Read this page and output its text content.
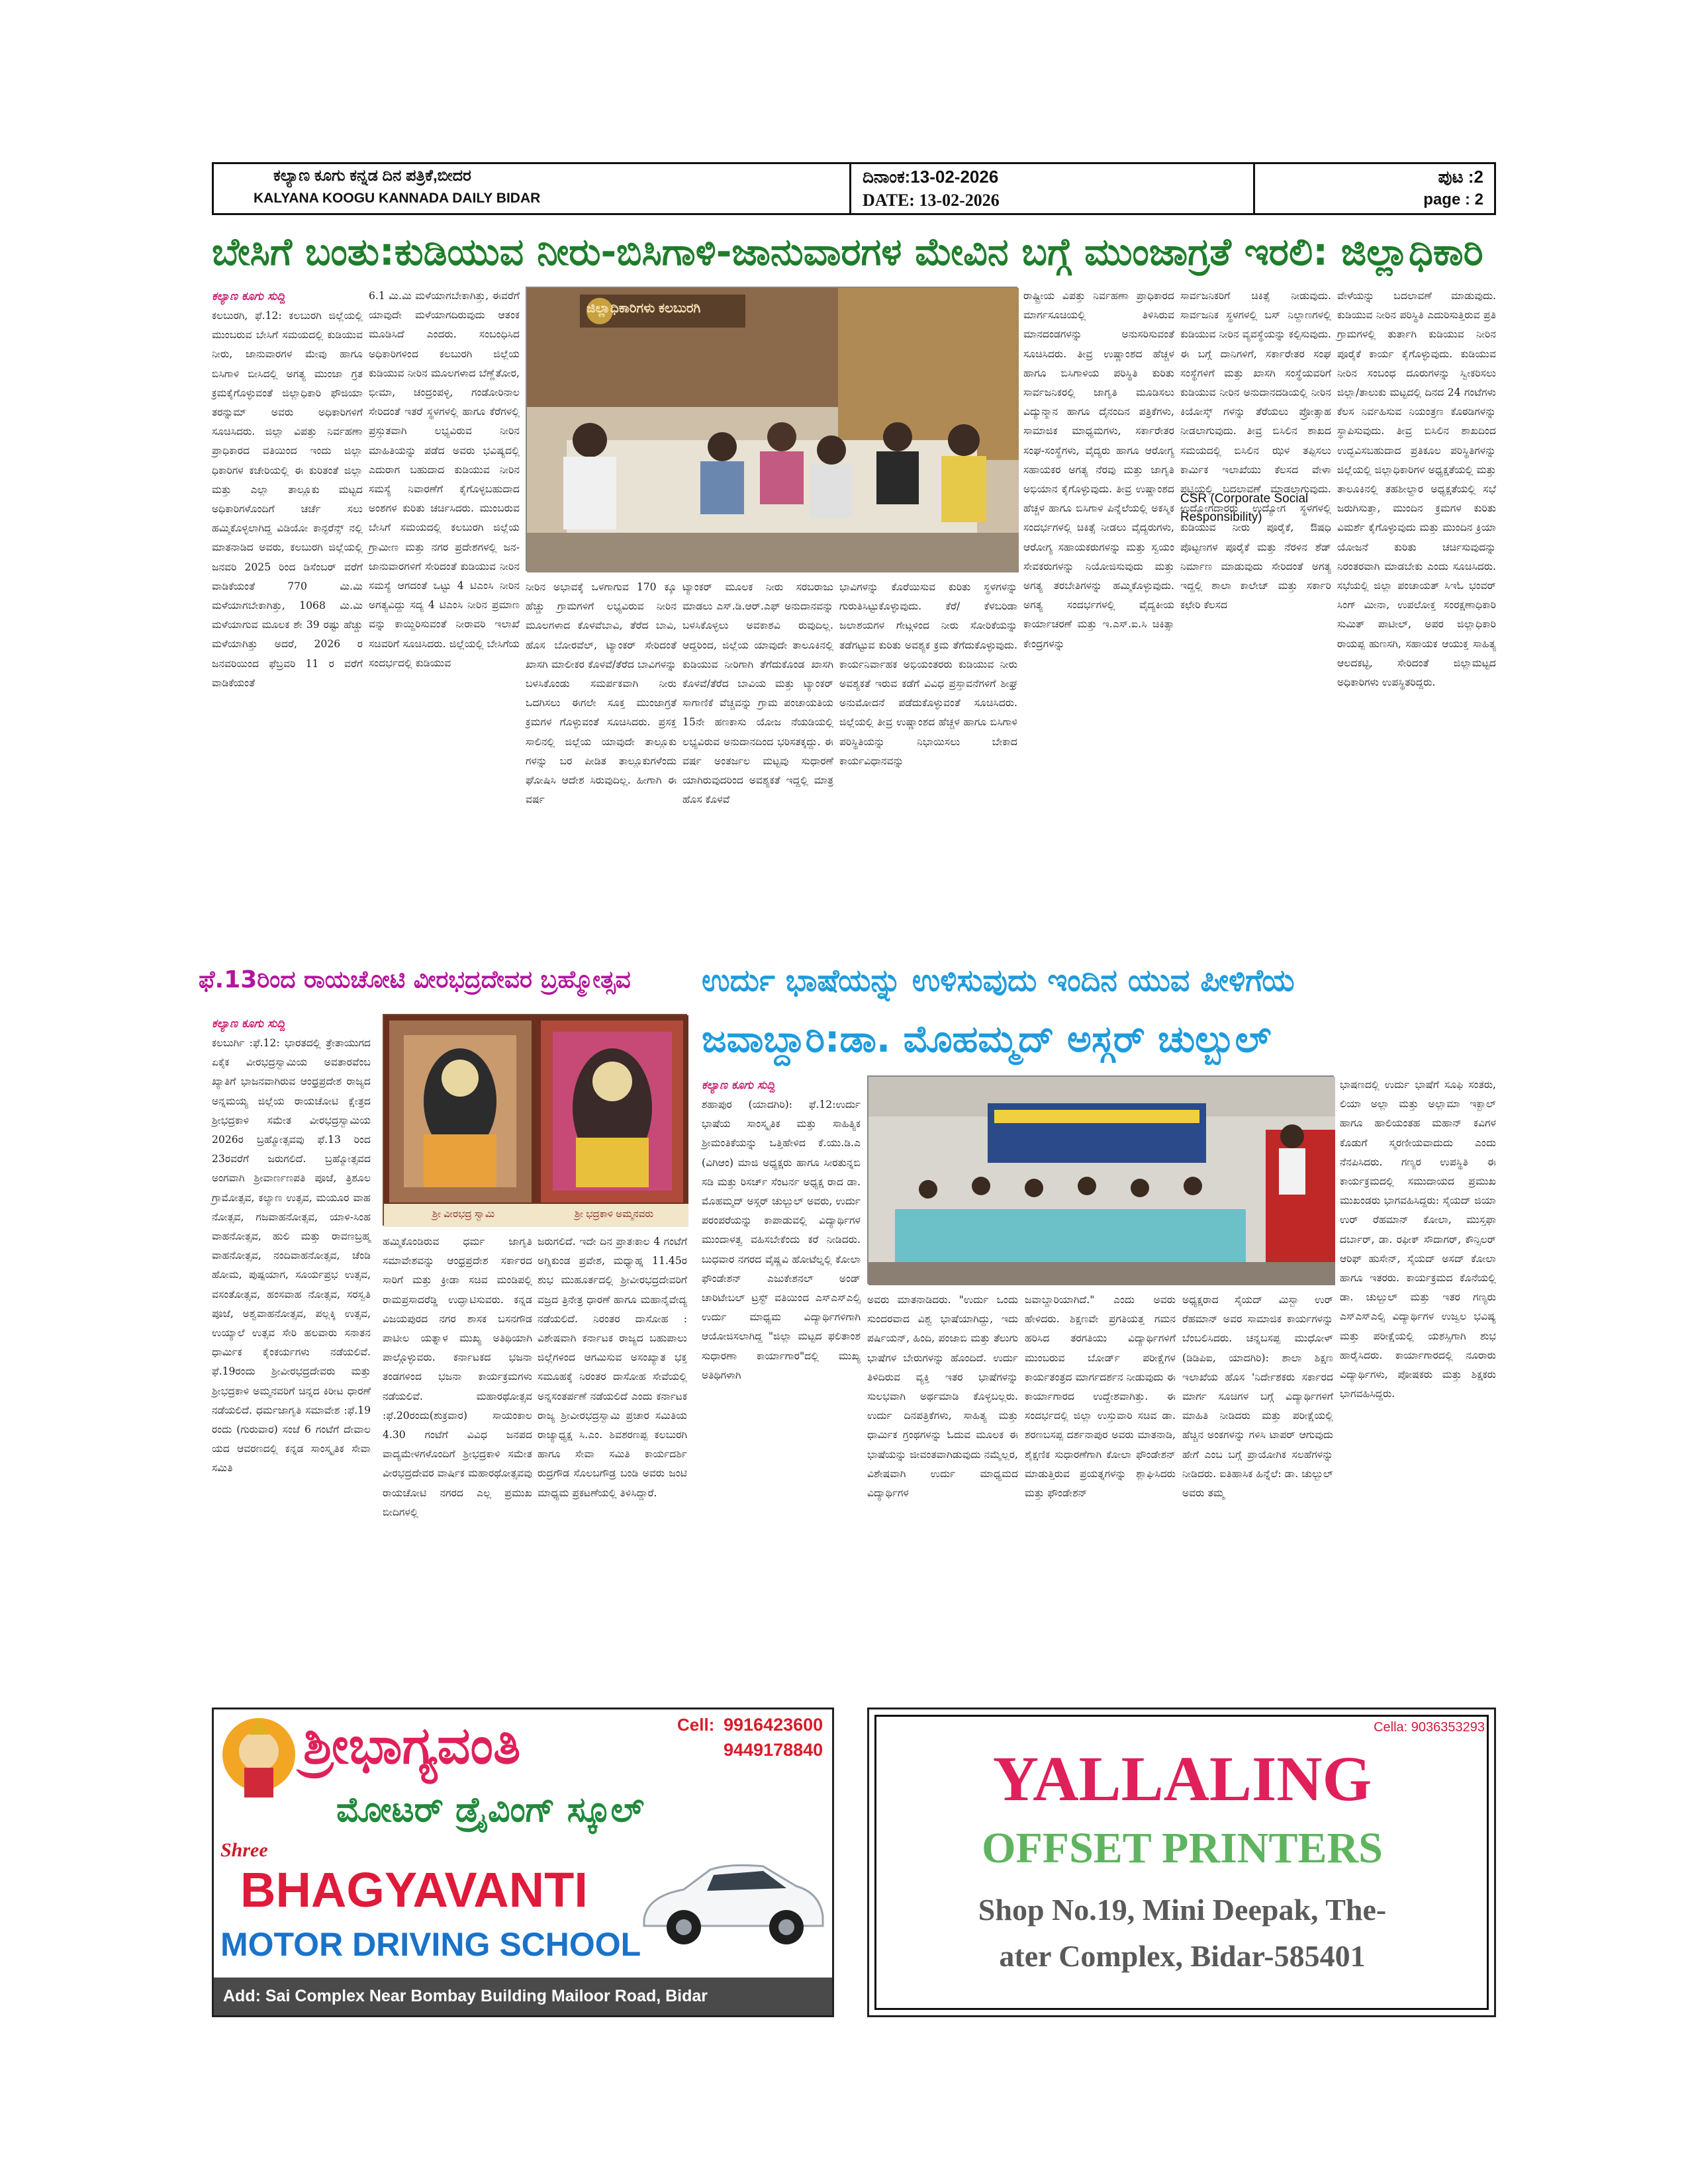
ಕಲ್ಯಾಣ ಕೂಗು ಕನ್ನಡ ದಿನ ಪತ್ರಿಕೆ,ಬೀದರ
KALYANA KOOGU KANNADA DAILY BIDAR
ದಿನಾಂಕ:13-02-2026
DATE: 13-02-2026
ಪುಟ :2
page : 2
ಬೇಸಿಗೆ ಬಂತು:ಕುಡಿಯುವ ನೀರು-ಬಿಸಿಗಾಳಿ-ಜಾನುವಾರಗಳ ಮೇವಿನ ಬಗ್ಗೆ ಮುಂಜಾಗ್ರತೆ ಇರಲಿ: ಜಿಲ್ಲಾಧಿಕಾರಿ
ಕಲ್ಯಾಣ ಕೂಗು ಸುದ್ದಿ
ಕಲಬುರಗಿ, ಫೆ.12: ಕಲಬುರಗಿ ಜಿಲ್ಲೆಯಲ್ಲಿ ಮುಂಬರುವ ಬೇಸಿಗೆ ಸಮಯದಲ್ಲಿ ಕುಡಿಯುವ ನೀರು, ಜಾನುವಾರಗಳ ಮೇವು ಹಾಗೂ ಬಿಸಿಗಾಳಿ ಬೀಸಿದಲ್ಲಿ ಅಗತ್ಯ ಮುಂಜಾ ಗ್ರತ ಕ್ರಮಕೈಗೊಳ್ಳುವಂತೆ ಜಿಲ್ಲಾಧಿಕಾರಿ ಫೌಜಿಯಾ ತರನ್ನುಮ್ ಅವರು ಅಧಿಕಾರಿಗಳಿಗೆ ಸೂಚಿಸಿದರು. ಜಿಲ್ಲಾ ವಿಪತ್ತು ನಿರ್ವಹಣಾ ಪ್ರಾಧಿಕಾರದ ವತಿಯಿಂದ ಇಂದು ಜಿಲ್ಲಾ ಧಿಕಾರಿಗಳ ಕಚೇರಿಯಲ್ಲಿ ಈ ಕುರಿತಂತೆ ಜಿಲ್ಲಾ ಮತ್ತು ಎಲ್ಲಾ ತಾಲ್ಲೂಕು ಮಟ್ಟದ ಅಧಿಕಾರಿಗಳೊಂದಿಗೆ ಚರ್ಚೆ ಸಲು ಹಮ್ಮಿಕೊಳ್ಳಲಾಗಿದ್ದ ವಿಡಿಯೋ ಕಾನ್ಫರೆನ್ಸ್ ನಲ್ಲಿ ಮಾತನಾಡಿದ ಅವರು, ಕಲಬುರಗಿ ಜಿಲ್ಲೆಯಲ್ಲಿ ಜನವರಿ 2025 ರಿಂದ ಡಿಸೆಂಬರ್ ವರೆಗೆ ವಾಡಿಕೆಯಂತೆ 770 ಮಿ.ಮಿ ಮಳೆಯಾಗಬೇಕಾಗಿತ್ತು, 1068 ಮಿ.ಮಿ ಮಳೆಯಾಗುವ ಮೂಲಕ ಶೇ 39 ರಷ್ಟು ಹೆಚ್ಚು ಮಳೆಯಾಗಿತ್ತು ಅದರೆ, 2026 ರ ಜನವರಿಯಿಂದ ಫೆಬ್ರವರಿ 11 ರ ವರೆಗೆ ವಾಡಿಕೆಯಂತೆ
6.1 ಮಿ.ಮಿ ಮಳೆಯಾಗಬೇಕಾಗಿತ್ತು, ಈವರೆಗೆ ಯಾವುದೇ ಮಳೆಯಾಗದಿರುವುದು ಆತಂಕ ಮೂಡಿಸಿದೆ ಎಂದರು. ಸಂಬಂಧಿಸಿದ ಅಧಿಕಾರಿಗಳಿಂದ ಕಲಬುರಗಿ ಜಿಲ್ಲೆಯ ಕುಡಿಯುವ ನೀರಿನ ಮೂಲಗಳಾದ ಬೆಣ್ಣೆತೋರ, ಭೀಮಾ, ಚಂದ್ರಂಪಳ್ಳಿ, ಗಂಡೋರಿನಾಲ ಸೇರಿದಂತೆ ಇತರೆ ಸ್ಥಳಗಳಲ್ಲಿ ಹಾಗೂ ಕೆರೆಗಳಲ್ಲಿ ಪ್ರಸ್ತುತವಾಗಿ ಲಭ್ಯವಿರುವ ನೀರಿನ ಮಾಹಿತಿಯನ್ನು ಪಡೆದ ಅವರು ಭವಿಷ್ಯದಲ್ಲಿ ಎದುರಾಗ ಬಹುದಾದ ಕುಡಿಯುವ ನೀರಿನ ಸಮಸ್ಯೆ ನಿವಾರಣೆಗೆ ಕೈಗೊಳ್ಳಬಹುದಾದ ಅಂಶಗಳ ಕುರಿತು ಚರ್ಚಿಸಿದರು. ಮುಂಬರುವ ಬೇಸಿಗೆ ಸಮಯದಲ್ಲಿ ಕಲಬುರಗಿ ಜಿಲ್ಲೆಯ ಗ್ರಾಮೀಣ ಮತ್ತು ನಗರ ಪ್ರದೇಶಗಳಲ್ಲಿ ಜನ-ಜಾನುವಾರಗಳಿಗೆ ಸೇರಿದಂತೆ ಕುಡಿಯುವ ನೀರಿನ ಸಮಸ್ಯೆ ಆಗದಂತೆ ಒಟ್ಟು 4 ಟಿಎಂಸಿ ನೀರಿನ ಅಗತ್ಯವಿದ್ದು ಸದ್ಯ 4 ಟಿಎಂಸಿ ನೀರಿನ ಪ್ರಮಾಣ ವನ್ನು ಕಾಯ್ದಿರಿಸುವಂತೆ ನೀರಾವರಿ ಇಲಾಖೆ ಸಚಿವರಿಗೆ ಸೂಚಿಸಿದರು. ಜಿಲ್ಲೆಯಲ್ಲಿ ಬೇಸಿಗೆಯ ಸಂದರ್ಭದಲ್ಲಿ ಕುಡಿಯುವ
ಜಿಲ್ಲಾಧಿಕಾರಿಗಳು ಕಲಬುರಗಿ
ನೀರಿನ ಅಭಾವಕ್ಕೆ ಒಳಗಾಗುವ 170 ಕ್ಕೂ ಹೆಚ್ಚು ಗ್ರಾಮಗಳಿಗೆ ಲಭ್ಯವಿರುವ ನೀರಿನ ಮೂಲಗಳಾದ ಕೊಳವೆಬಾವಿ, ತೆರೆದ ಬಾವಿ, ಹೊಸ ಬೋರವೆಲ್, ಟ್ಯಾಂಕರ್ ಸೇರಿದಂತೆ ಖಾಸಗಿ ಮಾಲೀಕರ ಕೊಳವೆ/ತೆರೆದ ಬಾವಿಗಳನ್ನು ಬಳಸಿಕೊಂಡು ಸಮರ್ಪಕವಾಗಿ ನೀರು ಒದಗಿಸಲು ಈಗಲೇ ಸೂಕ್ತ ಮುಂಜಾಗ್ರತೆ ಕ್ರಮಗಳ ಗೊಳ್ಳುವಂತೆ ಸೂಚಿಸಿದರು. ಪ್ರಸಕ್ತ ಸಾಲಿನಲ್ಲಿ ಜಿಲ್ಲೆಯ ಯಾವುದೇ ತಾಲ್ಲೂಕು ಗಳನ್ನು ಬರ ಪೀಡಿತ ತಾಲ್ಲೂಕುಗಳೆಂದು ಘೋಷಿಸಿ ಆದೇಶ ಸಿರುವುದಿಲ್ಲ. ಹೀಗಾಗಿ ಈ ವರ್ಷ
ಟ್ಯಾಂಕರ್ ಮೂಲಕ ನೀರು ಸರಬರಾಜು ಮಾಡಲು ಎಸ್.ಡಿ.ಆರ್.ಎಫ್ ಅನುದಾನವನ್ನು ಬಳಸಿಕೊಳ್ಳಲು ಅವಕಾಶವಿ ರುವುದಿಲ್ಲ. ಆದ್ದರಿಂದ, ಜಿಲ್ಲೆಯ ಯಾವುದೇ ತಾಲೂಕಿನಲ್ಲಿ ಕುಡಿಯುವ ನೀರಿಗಾಗಿ ತೆಗೆದುಕೊಂಡ ಖಾಸಗಿ ಕೊಳವೆ/ತೆರೆದ ಬಾವಿಯ ಮತ್ತು ಟ್ಯಾಂಕರ್ ಸಾಗಾಣಿಕೆ ವೆಚ್ಚವನ್ನು ಗ್ರಾಮ ಪಂಚಾಯತಿಯ 15ನೇ ಹಣಕಾಸು ಯೋಜ ನೆಯಡಿಯಲ್ಲಿ ಲಭ್ಯವಿರುವ ಅನುದಾನದಿಂದ ಭರಿಸತಕ್ಕದ್ದು. ಈ ವರ್ಷ ಅಂತರ್ಜಲ ಮಟ್ಟವು ಸುಧಾರಣೆ ಯಾಗಿರುವುದರಿಂದ ಅವಶ್ಯಕತೆ ಇದ್ದಲ್ಲಿ ಮಾತ್ರ ಹೊಸ ಕೊಳವೆ
ಭಾವಿಗಳನ್ನು ಕೊರೆಯಿಸುವ ಕುರಿತು ಸ್ಥಳಗಳನ್ನು ಗುರುತಿಸಿಟ್ಟುಕೊಳ್ಳುವುದು. ಕೆರೆ/ ಕೆಳಬರಿಡಾ ಜಲಾಶಯಗಳ ಗೇಟ್ಗಳಿಂದ ನೀರು ಸೋರಿಕೆಯನ್ನು ತಡೆಗಟ್ಟುವ ಕುರಿತು ಅವಶ್ಯಕ ಕ್ರಮ ತೆಗೆದುಕೊಳ್ಳುವುದು. ಕಾರ್ಯನಿರ್ವಾಹಕ ಅಭಿಯಂತರರು ಕುಡಿಯುವ ನೀರು ಅವಶ್ಯಕತೆ ಇರುವ ಕಡೆಗೆ ವಿವಿಧ ಪ್ರಸ್ತಾವನೆಗಳಿಗೆ ಶೀಘ್ರ ಅನುಮೋದನೆ ಪಡೆದುಕೊಳ್ಳುವಂತೆ ಸೂಚಿಸಿದರು. ಜಿಲ್ಲೆಯಲ್ಲಿ ತೀವ್ರ ಉಷ್ಣಾಂಶದ ಹೆಚ್ಚಳ ಹಾಗೂ ಬಿಸಿಗಾಳಿ ಪರಿಸ್ಥಿತಿಯನ್ನು ನಿಭಾಯಿಸಲು ಬೇಕಾದ ಕಾರ್ಯವಿಧಾನವನ್ನು
ರಾಷ್ಟ್ರೀಯ ವಿಪತ್ತು ನಿರ್ವಹಣಾ ಪ್ರಾಧಿಕಾರದ ಮಾರ್ಗಸೂಚಿಯಲ್ಲಿ ತಿಳಿಸಿರುವ ಮಾನದಂಡಗಳನ್ನು ಅನುಸರಿಸುವಂತೆ ಸೂಚಿಸಿದರು. ತೀವ್ರ ಉಷ್ಣಾಂಶದ ಹೆಚ್ಚಳ ಹಾಗೂ ಬಿಸಿಗಾಳಿಯ ಪರಿಸ್ಥಿತಿ ಕುರಿತು ಸಾರ್ವಜನಿಕರಲ್ಲಿ ಜಾಗೃತಿ ಮೂಡಿಸಲು ವಿದ್ಯುನ್ಮಾನ ಹಾಗೂ ದೈನಂದಿನ ಪತ್ರಿಕೆಗಳು, ಸಾಮಾಜಿಕ ಮಾಧ್ಯಮಗಳು, ಸರ್ಕಾರೇತರ ಸಂಘ-ಸಂಸ್ಥೆಗಳು, ವೈದ್ಯರು ಹಾಗೂ ಆರೋಗ್ಯ ಸಹಾಯಕರ ಅಗತ್ಯ ನೆರವು ಮತ್ತು ಜಾಗೃತಿ ಅಭಿಯಾನ ಕೈಗೊಳ್ಳುವುದು. ತೀವ್ರ ಉಷ್ಣಾಂಶದ ಹೆಚ್ಚಳ ಹಾಗೂ ಬಿಸಿಗಾಳಿ ಪಿನ್ನೆಲೆಯಲ್ಲಿ ಅಕಸ್ಮಿಕ ಸಂದರ್ಭಗಳಲ್ಲಿ ಚಿಕಿತ್ಸೆ ನೀಡಲು ವೈದ್ಯರುಗಳು, ಆರೋಗ್ಯ ಸಹಾಯಕರುಗಳನ್ನು ಮತ್ತು ಸ್ವಯಂ ಸೇವಕರುಗಳನ್ನು ನಿಯೋಜಿಸುವುದು ಮತ್ತು ಅಗತ್ಯ ತರಬೇತಿಗಳನ್ನು ಹಮ್ಮಿಕೊಳ್ಳುವುದು. ಅಗತ್ಯ ಸಂದರ್ಭಗಳಲ್ಲಿ ವೈದ್ಯಕೀಯ ಕಾರ್ಯಾಚರಣೆ ಮತ್ತು ಇ.ಎಸ್.ಐ.ಸಿ ಚಿಕಿತ್ಸಾ ಕೇಂದ್ರಗಳನ್ನು
ಸಾರ್ವಜನಿಕರಿಗೆ ಚಿಕಿತ್ಸೆ ನೀಡುವುದು. ಸಾರ್ವಜನಿಕ ಸ್ಥಳಗಳಲ್ಲಿ ಬಸ್ ನಿಲ್ದಾಣಗಳಲ್ಲಿ ಕುಡಿಯುವ ನೀರಿನ ವ್ಯವಸ್ಥೆಯನ್ನು ಕಲ್ಪಿಸುವುದು. ಈ ಬಗ್ಗೆ ದಾನಿಗಳಿಗೆ, ಸರ್ಕಾರೇತರ ಸಂಘ ಸಂಸ್ಥೆಗಳಿಗೆ ಮತ್ತು ಖಾಸಗಿ ಸಂಸ್ಥೆಯವರಿಗೆ ಕುಡಿಯುವ ನೀರಿನ ಅನುದಾನದಡಿಯಲ್ಲಿ ನೀರಿನ ಕಿಯೋಸ್ಕ್ ಗಳನ್ನು ತೆರೆಯಲು ಪ್ರೋತ್ಸಾಹ ನೀಡಲಾಗುವುದು. ತೀವ್ರ ಬಿಸಿಲಿನ ಶಾಖದ ಸಮಯದಲ್ಲಿ ಬಿಸಿಲಿನ ಝಳ ತಪ್ಪಿಸಲು ಕಾರ್ಮಿಕ ಇಲಾಖೆಯು ಕೆಲಸದ ವೇಳಾ ಪಟ್ಟಿಯಲ್ಲಿ ಬದಲಾವಣೆ ಮಾಡಲಾಗುವುದು. ಉದ್ಯೋಗದಾರರು ಉದ್ಯೋಗ ಸ್ಥಳಗಳಲ್ಲಿ ಕುಡಿಯುವ ನೀರು ಪೂರೈಕೆ, ಔಷಧಿ ಪೊಟ್ಟಣಗಳ ಪೂರೈಕೆ ಮತ್ತು ನೆರಳಿನ ಶೆಡ್ ನಿರ್ಮಾಣ ಮಾಡುವುದು ಸೇರಿದಂತೆ ಅಗತ್ಯ ಇದ್ದಲ್ಲಿ ಶಾಲಾ ಕಾಲೇಜ್ ಮತ್ತು ಸರ್ಕಾರಿ ಕಛೇರಿ ಕೆಲಸದ
CSR (Corporate Social Responsibility)
ವೇಳೆಯನ್ನು ಬದಲಾವಣೆ ಮಾಡುವುದು. ಕುಡಿಯುವ ನೀರಿನ ಪರಿಸ್ಥಿತಿ ಎದುರಿಸುತ್ತಿರುವ ಪ್ರತಿ ಗ್ರಾಮಗಳಲ್ಲಿ ತುರ್ತಾಗಿ ಕುಡಿಯುವ ನೀರಿನ ಪೂರೈಕೆ ಕಾರ್ಯ ಕೈಗೊಳ್ಳುವುದು. ಕುಡಿಯುವ ನೀರಿನ ಸಂಬಂಧ ದೂರುಗಳನ್ನು ಸ್ವೀಕರಿಸಲು ಜಿಲ್ಲಾ/ತಾಲುಕು ಮಟ್ಟದಲ್ಲಿ ದಿನದ 24 ಗಂಟೆಗಳು ಕೆಲಸ ನಿರ್ವಹಿಸುವ ನಿಯಂತ್ರಣ ಕೊಠಡಿಗಳನ್ನು ಸ್ಥಾಪಿಸುವುದು. ತೀವ್ರ ಬಿಸಿಲಿನ ಶಾಖದಿಂದ ಉದ್ಭವಿಸಬಹುದಾದ ಪ್ರತಿಕೂಲ ಪರಿಸ್ಥಿತಿಗಳನ್ನು ಜಿಲ್ಲೆಯಲ್ಲಿ ಜಿಲ್ಲಾಧಿಕಾರಿಗಳ ಅಧ್ಯಕ್ಷತೆಯಲ್ಲಿ ಮತ್ತು ತಾಲೂಕಿನಲ್ಲಿ ತಹಶೀಲ್ದಾರ ಅಧ್ಯಕ್ಷತೆಯಲ್ಲಿ ಸಭೆ ಜರುಗಿಸುತ್ತಾ, ಮುಂದಿನ ಕ್ರಮಗಳ ಕುರಿತು ವಿಮರ್ಶೆ ಕೈಗೊಳ್ಳುವುದು ಮತ್ತು ಮುಂದಿನ ಕ್ರಿಯಾ ಯೋಜನೆ ಕುರಿತು ಚರ್ಚಿಸುವುದನ್ನು ನಿರಂತರವಾಗಿ ಮಾಡಬೇಕು ಎಂದು ಸೂಚಿಸಿದರು. ಸಭೆಯಲ್ಲಿ ಜಿಲ್ಲಾ ಪಂಚಾಯತ್ ಸಿಇಓ ಭಂವರ್ ಸಿಂಗ್ ಮೀನಾ, ಉಪಲೋಕ್ತ ಸಂರಕ್ಷಣಾಧಿಕಾರಿ ಸುಮಿತ್ ಪಾಟೀಲ್, ಅಪರ ಜಿಲ್ಲಾಧಿಕಾರಿ ರಾಯಪ್ಪ ಹುಣಸಗಿ, ಸಹಾಯಕ ಆಯುಕ್ತ ಸಾಹಿತ್ಯ ಆಲದಕಟ್ಟಿ, ಸೇರಿದಂತೆ ಜಿಲ್ಲಾಮಟ್ಟದ ಅಧಿಕಾರಿಗಳು ಉಪಸ್ಥಿತರಿದ್ದರು.
ಫೆ.13ರಿಂದ ರಾಯಚೋಟಿ ವೀರಭದ್ರದೇವರ ಬ್ರಹ್ಮೋತ್ಸವ
ಕಲ್ಯಾಣ ಕೂಗು ಸುದ್ದಿ
ಕಲಬುರ್ಗಿ :ಫೆ.12: ಭಾರತದಲ್ಲಿ ತ್ರೇತಾಯುಗದ ಏಕೈಕ ವೀರಭದ್ರಸ್ವಾಮಿಯ ಅವತಾರವೆಂಬ ಖ್ಯಾತಿಗೆ ಭಾಜನವಾಗಿರುವ ಆಂಧ್ರಪ್ರದೇಶ ರಾಜ್ಯದ ಅನ್ನಮಯ್ಯ ಜಿಲ್ಲೆಯ ರಾಯಚೋಟಿ ಕ್ಷೇತ್ರದ ಶ್ರೀಭದ್ರಕಾಳಿ ಸಮೇತ ವೀರಭದ್ರಸ್ವಾಮಿಯ 2026ರ ಬ್ರಹ್ಮೋತ್ಸವವು ಫೆ.13 ರಿಂದ 23ರವರೆಗೆ ಜರುಗಲಿದೆ. ಬ್ರಹ್ಮೋತ್ಸವದ ಅಂಗವಾಗಿ ಶ್ರೀವಾರ್ಣಣಪತಿ ಪೂಜೆ, ತ್ರಿಶೂಲ ಗ್ರಾಮೋತ್ಸವ, ಕಲ್ಯಾಣ ಉತ್ಸವ, ಮಯೂರ ವಾಹ ನೋತ್ಸವ, ಗಜವಾಹನೋತ್ಸವ, ಯಾಳಿ-ಸಿಂಹ ವಾಹನೋತ್ಸವ, ಹುಲಿ ಮತ್ತು ರಾವಣಬ್ರಹ್ಮ ವಾಹನೋತ್ಸವ, ನಂದಿವಾಹನೋತ್ಸವ, ಚೆಂಡಿ ಹೋಮ, ಪುಷ್ಪಯಾಗ, ಸೂರ್ಯಪ್ರಭ ಉತ್ಸವ, ವಸಂತೋತ್ಸವ, ಹಂಸವಾಹ ನೋತ್ಸವ, ಸರಸ್ವತಿ ಪೂಜೆ, ಅಶ್ವವಾಹನೋತ್ಸವ, ಪಲ್ಲಕ್ಕಿ ಉತ್ಸವ, ಉಯ್ಯಾಲೆ ಉತ್ಸವ ಸೇರಿ ಹಲವಾರು ಸನಾತನ ಧಾರ್ಮಿಕ ಕೈಂಕರ್ಯಗಳು ನಡೆಯಲಿವೆ. ಫೆ.19ರಂದು ಶ್ರೀವೀರಭದ್ರದೇವರು ಮತ್ತು ಶ್ರೀಭದ್ರಕಾಳಿ ಅಮ್ಮನವರಿಗೆ ಚಿನ್ನದ ಕಿರೀಟ ಧಾರಣೆ ನಡೆಯಲಿದೆ. ಧರ್ಮಜಾಗೃತಿ ಸಮಾವೇಶ :ಫೆ.19 ರಂದು (ಗುರುವಾರ) ಸಂಜೆ 6 ಗಂಟೆಗೆ ದೇವಾಲ ಯದ ಆವರಣದಲ್ಲಿ ಕನ್ನಡ ಸಾಂಸ್ಕೃತಿಕ ಸೇವಾ ಸಮಿತಿ
ಶ್ರೀ ವೀರಭದ್ರ ಸ್ವಾಮಿ	ಶ್ರೀ ಭದ್ರಕಾಳಿ ಅಮ್ಮನವರು
ಹಮ್ಮಿಕೊಂಡಿರುವ ಧರ್ಮ ಜಾಗೃತಿ ಸಮಾವೇಶವನ್ನು ಆಂಧ್ರಪ್ರದೇಶ ಸರ್ಕಾರದ ಸಾರಿಗೆ ಮತ್ತು ಕ್ರೀಡಾ ಸಚಿವ ಮಂಡಿಪಲ್ಲಿ ರಾಮಪ್ರಸಾದರೆಡ್ಡಿ ಉದ್ಘಾಟಿಸುವರು. ಕನ್ನಡ ವಿಜಯಪುರದ ನಗರ ಶಾಸಕ ಬಸನಗೌಡ ಪಾಟೀಲ ಯತ್ನಾಳ ಮುಖ್ಯ ಅತಿಥಿಯಾಗಿ ಪಾಲ್ಗೊಳ್ಳುವರು. ಕರ್ನಾಟಕದ ಭಜನಾ ತಂಡಗಳಿಂದ ಭಜನಾ ಕಾರ್ಯಕ್ರಮಗಳು ನಡೆಯಲಿವೆ. ಮಹಾರಥೋತ್ಸವ :ಫೆ.20ರಂದು(ಶುಕ್ರವಾರ) ಸಾಯಂಕಾಲ 4.30 ಗಂಟೆಗೆ ವಿವಿಧ ಜನಪದ ವಾದ್ಯಮೇಳಗಳೊಂದಿಗೆ ಶ್ರೀಭದ್ರಕಾಳಿ ಸಮೇತ ವೀರಭದ್ರದೇವರ ವಾರ್ಷಿಕ ಮಹಾರಥೋತ್ಸವವು ರಾಯಚೋಟಿ ನಗರದ ಎಲ್ಲ ಪ್ರಮುಖ ಬೀದಿಗಳಲ್ಲಿ
ಜರುಗಲಿದೆ. ಇದೇ ದಿನ ಪ್ರಾತಃಕಾಲ 4 ಗಂಟೆಗೆ ಅಗ್ನಿಕುಂಡ ಪ್ರವೇಶ, ಮಧ್ಯಾಹ್ನ 11.45ರ ಶುಭ ಮುಹೂರ್ತದಲ್ಲಿ ಶ್ರೀವೀರಭದ್ರದೇವರಿಗೆ ವಜ್ರದ ತ್ರಿನೇತ್ರ ಧಾರಣೆ ಹಾಗೂ ಮಹಾನೈವೇದ್ಯ ನಡೆಯಲಿದೆ. ನಿರಂತರ ದಾಸೋಹ : ವಿಶೇಷವಾಗಿ ಕರ್ನಾಟಕ ರಾಜ್ಯದ ಬಹುಪಾಲು ಜಿಲ್ಲೆಗಳಿಂದ ಆಗಮಿಸುವ ಅಸಂಖ್ಯಾತ ಭಕ್ತ ಸಮೂಹಕ್ಕೆ ನಿರಂತರ ದಾಸೋಹ ಸೇವೆಯಲ್ಲಿ ಅನ್ನಸಂತರ್ಪಣೆ ನಡೆಯಲಿದೆ ಎಂದು ಕರ್ನಾಟಕ ರಾಜ್ಯ ಶ್ರೀವೀರಭದ್ರಸ್ವಾಮಿ ಪ್ರಚಾರ ಸಮಿತಿಯ ರಾಜ್ಯಾಧ್ಯಕ್ಷ ಸಿ.ಎಂ. ಶಿವಶರಣಪ್ಪ ಕಲಬುರಗಿ ಹಾಗೂ ಸೇವಾ ಸಮಿತಿ ಕಾರ್ಯದರ್ಶಿ ರುದ್ರಗೌಡ ಸೊಲಬಗೌಡ್ರ ಬಂಡಿ ಅವರು ಜಂಟಿ ಮಾಧ್ಯಮ ಪ್ರಕಟಣೆಯಲ್ಲಿ ತಿಳಿಸಿದ್ದಾರೆ.
ಉರ್ದು ಭಾಷೆಯನ್ನು ಉಳಿಸುವುದು ಇಂದಿನ ಯುವ ಪೀಳಿಗೆಯ
ಜವಾಬ್ದಾರಿ:ಡಾ. ಮೊಹಮ್ಮದ್ ಅಸ್ಗರ್ ಚುಲ್ಬುಲ್
ಕಲ್ಯಾಣ ಕೂಗು ಸುದ್ದಿ
ಶಹಾಪುರ (ಯಾದಗಿರಿ): ಫೆ.12:ಉರ್ದು ಭಾಷೆಯ ಸಾಂಸ್ಕೃತಿಕ ಮತ್ತು ಸಾಹಿತ್ಯಿಕ ಶ್ರೀಮಂತಿಕೆಯನ್ನು ಒತ್ತಿಹೇಳಿದ ಕೆ.ಯು.ಡಿ.ಎ (ವಿಗಿಆಂ) ಮಾಜಿ ಅಧ್ಯಕ್ಷರು ಹಾಗೂ ಸೀರತುನ್ನಬಿ ಸಡಿ ಮತ್ತು ರಿಸರ್ಚ್ ಸೆಂಟರ್ನ ಅಧ್ಯಕ್ಷ ರಾದ ಡಾ. ಮೊಹಮ್ಮದ್ ಅಸ್ಗರ್ ಚುಲ್ಬುಲ್ ಅವರು, ಉರ್ದು ಪರಂಪರೆಯನ್ನು ಕಾಪಾಡುವಲ್ಲಿ ವಿದ್ಯಾರ್ಥಿಗಳ ಮುಂದಾಳತ್ವ ವಹಿಸಬೇಕೆಂದು ಕರೆ ನೀಡಿದರು. ಬುಧವಾರ ನಗರದ ವೈಷ್ಣವಿ ಹೋಟೆಲ್ನಲ್ಲಿ ಕೋಲಾ ಫೌಂಡೇಶನ್ ಎಜುಕೇಶನಲ್ ಅಂಡ್ ಚಾರಿಟೇಬಲ್ ಟ್ರಸ್ಟ್ ವತಿಯಿಂದ ಎಸ್ಎಸ್ಎಲ್ಸಿ ಉರ್ದು ಮಾಧ್ಯಮ ವಿದ್ಯಾರ್ಥಿಗಳಿಗಾಗಿ ಆಯೋಜಿಸಲಾಗಿದ್ದ "ಜಿಲ್ಲಾ ಮಟ್ಟದ ಫಲಿತಾಂಶ ಸುಧಾರಣಾ ಕಾರ್ಯಾಗಾರ"ದಲ್ಲಿ ಮುಖ್ಯ ಅತಿಥಿಗಳಾಗಿ
ಅವರು ಮಾತನಾಡಿದರು. "ಉರ್ದು ಒಂದು ಸುಂದರವಾದ ವಿಶ್ವ ಭಾಷೆಯಾಗಿದ್ದು, ಇದು ಪರ್ಷಿಯನ್, ಹಿಂದಿ, ಪಂಜಾಬಿ ಮತ್ತು ತೆಲುಗು ಭಾಷೆಗಳ ಬೇರುಗಳನ್ನು ಹೊಂದಿದೆ. ಉರ್ದು ತಿಳಿದಿರುವ ವ್ಯಕ್ತಿ ಇತರ ಭಾಷೆಗಳನ್ನು ಸುಲಭವಾಗಿ ಅರ್ಥಮಾಡಿ ಕೊಳ್ಳಬಲ್ಲರು. ಉರ್ದು ದಿನಪತ್ರಿಕೆಗಳು, ಸಾಹಿತ್ಯ ಮತ್ತು ಧಾರ್ಮಿಕ ಗ್ರಂಥಗಳನ್ನು ಓದುವ ಮೂಲಕ ಈ ಭಾಷೆಯನ್ನು ಜೀವಂತವಾಗಿಡುವುದು ನಮ್ಮೆಲ್ಲರ, ವಿಶೇಷವಾಗಿ ಉರ್ದು ಮಾಧ್ಯಮದ ವಿದ್ಯಾರ್ಥಿಗಳ
ಜವಾಬ್ದಾರಿಯಾಗಿದೆ." ಎಂದು ಅವರು ಹೇಳಿದರು. ಶಿಕ್ಷಣವೇ ಪ್ರಗತಿಯತ್ತ ಗಮನ ಹರಿಸಿದ ತರಗತಿಯು ವಿದ್ಯಾರ್ಥಿಗಳಿಗೆ ಮುಂಬರುವ ಬೋರ್ಡ್ ಪರೀಕ್ಷೆಗಳ ಕಾರ್ಯತಂತ್ರದ ಮಾರ್ಗದರ್ಶನ ನೀಡುವುದು ಈ ಕಾರ್ಯಾಗಾರದ ಉದ್ದೇಶವಾಗಿತ್ತು. ಈ ಸಂದರ್ಭದಲ್ಲಿ ಜಿಲ್ಲಾ ಉಸ್ತುವಾರಿ ಸಚಿವ ಡಾ. ಶರಣಬಸಪ್ಪ ದರ್ಶನಾಪುರ ಅವರು ಮಾತನಾಡಿ, ಶೈಕ್ಷಣಿಕ ಸುಧಾರಣೆಗಾಗಿ ಕೋಲಾ ಫೌಂಡೇಶನ್ ಮಾಡುತ್ತಿರುವ ಪ್ರಯತ್ನಗಳನ್ನು ಶ್ಲಾಘಿಸಿದರು ಮತ್ತು ಫೌಂಡೇಶನ್
ಅಧ್ಯಕ್ಷರಾದ ಸೈಯದ್ ಮಿಸ್ಬಾ ಉರ್ ರೆಹಮಾನ್ ಅವರ ಸಾಮಾಜಿಕ ಕಾರ್ಯಗಳನ್ನು ಬೆಂಬಲಿಸಿದರು. ಚನ್ನಬಸಪ್ಪ ಮುಧೋಳ್ (ಡಿಡಿಪಿಐ, ಯಾದಗಿರಿ): ಶಾಲಾ ಶಿಕ್ಷಣ ಇಲಾಖೆಯ ಹೊಸ 'ನಿರ್ದೇಶಕರು ಸರ್ಕಾರದ ಮಾರ್ಗ ಸೂಚಿಗಳ ಬಗ್ಗೆ ವಿದ್ಯಾರ್ಥಿಗಳಿಗೆ ಮಾಹಿತಿ ನೀಡಿದರು ಮತ್ತು ಪರೀಕ್ಷೆಯಲ್ಲಿ ಹೆಚ್ಚಿನ ಅಂಕಗಳನ್ನು ಗಳಿಸಿ ಟಾಪರ್ ಆಗುವುದು ಹೇಗೆ ಎಂಬ ಬಗ್ಗೆ ಪ್ರಾಯೋಗಿಕ ಸಲಹೆಗಳನ್ನು ನೀಡಿದರು. ಐತಿಹಾಸಿಕ ಹಿನ್ನೆಲೆ: ಡಾ. ಚುಲ್ಬುಲ್ ಅವರು ತಮ್ಮ
ಭಾಷಣದಲ್ಲಿ ಉರ್ದು ಭಾಷೆಗೆ ಸೂಫಿ ಸಂತರು, ಲಿಯಾ ಅಲ್ಲಾ ಮತ್ತು ಅಲ್ಲಾಮಾ ಇಕ್ಬಾಲ್ ಹಾಗೂ ಹಾಲಿಯಂತಹ ಮಹಾನ್ ಕವಿಗಳ ಕೊಡುಗೆ ಸ್ಮರಣೀಯವಾದುದು ಎಂದು ನೆನಪಿಸಿದರು. ಗಣ್ಯರ ಉಪಸ್ಥಿತಿ ಈ ಕಾರ್ಯಕ್ರಮದಲ್ಲಿ ಸಮುದಾಯದ ಪ್ರಮುಖ ಮುಖಂಡರು ಭಾಗವಹಿಸಿದ್ದರು: ಸೈಯದ್ ಜಿಯಾ ಉರ್ ರೆಹಮಾನ್ ಕೋಲಾ, ಮುಸ್ತಫಾ ದರ್ಬಾರ್, ಡಾ. ರಫೀಕ್ ಸೌದಾಗರ್, ಕೌನ್ಸಿಲರ್ ಆರಿಫ್ ಹುಸೇನ್, ಸೈಯದ್ ಅಸದ್ ಕೋಲಾ ಹಾಗೂ ಇತರರು. ಕಾರ್ಯಕ್ರಮದ ಕೊನೆಯಲ್ಲಿ ಡಾ. ಚುಲ್ಬುಲ್ ಮತ್ತು ಇತರ ಗಣ್ಯರು ಎಸ್ಎಸ್ಎಲ್ಸಿ ವಿದ್ಯಾರ್ಥಿಗಳ ಉಜ್ವಲ ಭವಿಷ್ಯ ಮತ್ತು ಪರೀಕ್ಷೆಯಲ್ಲಿ ಯಶಸ್ಸಿಗಾಗಿ ಶುಭ ಹಾರೈಸಿದರು. ಕಾರ್ಯಾಗಾರದಲ್ಲಿ ನೂರಾರು ವಿದ್ಯಾರ್ಥಿಗಳು, ಪೋಷಕರು ಮತ್ತು ಶಿಕ್ಷಕರು ಭಾಗವಹಿಸಿದ್ದರು.
ಶ್ರೀಭಾಗ್ಯವಂತಿ	Cell: 9916423600
9449178840
ಮೋಟರ್ ಡ್ರೈವಿಂಗ್ ಸ್ಕೂಲ್
Shree
BHAGYAVANTI
MOTOR DRIVING SCHOOL
Add: Sai Complex Near Bombay Building Mailoor Road, Bidar
Cella: 9036353293
YALLALING
OFFSET PRINTERS
Shop No.19, Mini Deepak, The-
ater Complex, Bidar-585401
